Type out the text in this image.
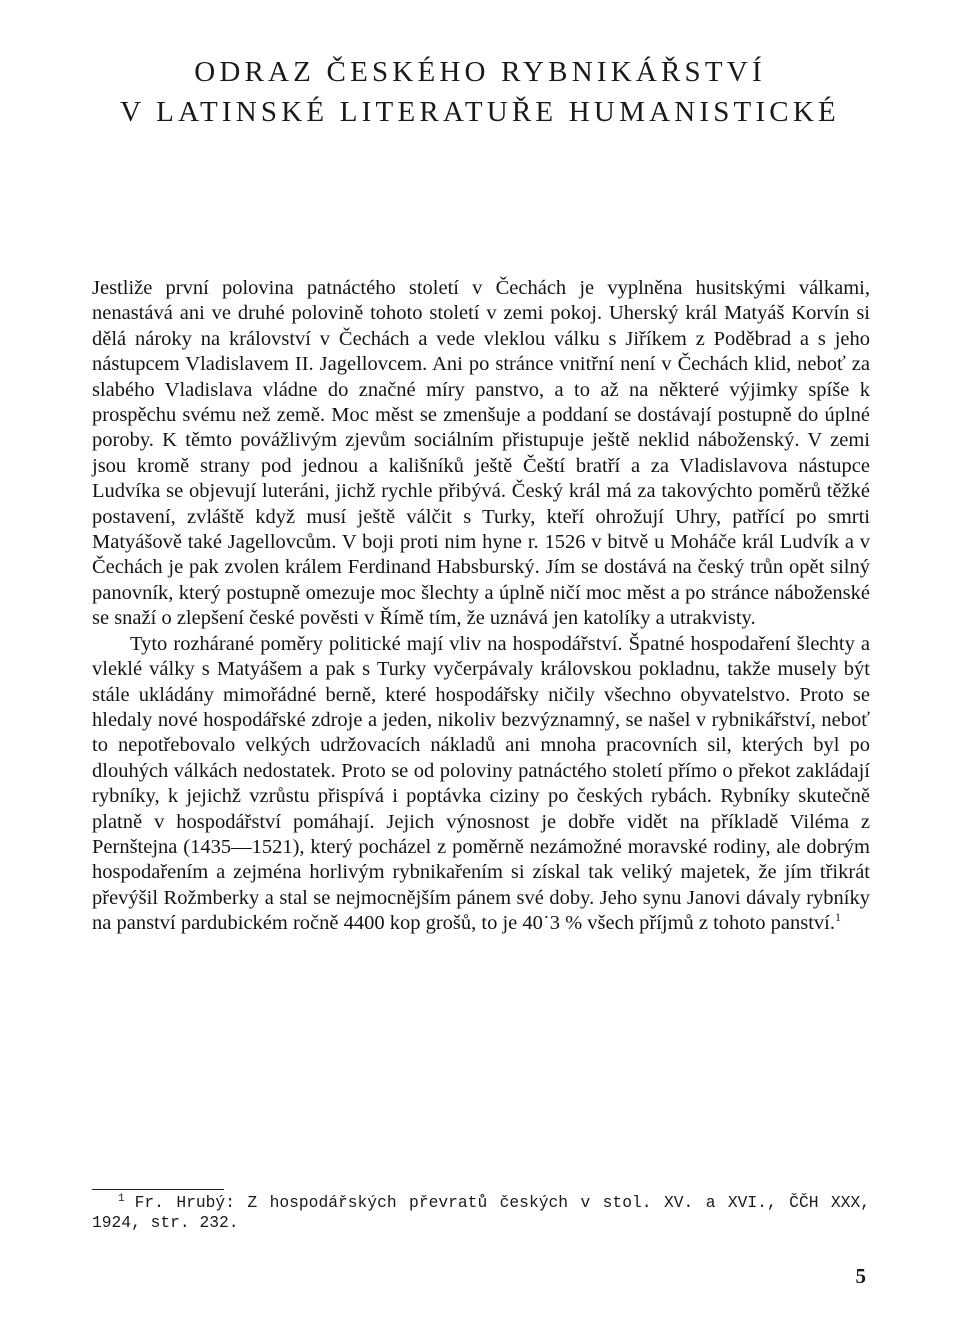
ODRAZ ČESKÉHO RYBNIKÁŘSTVÍ
V LATINSKÉ LITERATUŘE HUMANISTICKÉ

Jestliže první polovina patnáctého století v Čechách je vyplněna husitskými válkami, nenastává ani ve druhé polovině tohoto století v zemi pokoj. Uherský král Matyáš Korvín si dělá nároky na království v Čechách a vede vleklou válku s Jiříkem z Poděbrad a s jeho nástupcem Vladislavem II. Jagellovcem. Ani po stránce vnitřní není v Čechách klid, neboť za slabého Vladislava vládne do značné míry panstvo, a to až na některé výjimky spíše k prospěchu svému než země. Moc měst se zmenšuje a poddaní se dostávají postupně do úplné poroby. K těmto povážlivým zjevům sociálním přistupuje ještě neklid náboženský. V zemi jsou kromě strany pod jednou a kališníků ještě Čeští bratří a za Vladislavova nástupce Ludvíka se objevují luteráni, jichž rychle přibývá. Český král má za takovýchto poměrů těžké postavení, zvláště když musí ještě válčit s Turky, kteří ohrožují Uhry, patřící po smrti Matyášově také Jagellovcům. V boji proti nim hyne r. 1526 v bitvě u Moháče král Ludvík a v Čechách je pak zvolen králem Ferdinand Habsburský. Jím se dostává na český trůn opět silný panovník, který postupně omezuje moc šlechty a úplně ničí moc měst a po stránce náboženské se snaží o zlepšení české pověsti v Římě tím, že uznává jen katolíky a utrakvisty.

Tyto rozhárané poměry politické mají vliv na hospodářství. Špatné hospodaření šlechty a vleklé války s Matyášem a pak s Turky vyčerpávaly královskou pokladnu, takže musely být stále ukládány mimořádné berně, které hospodářsky ničily všechno obyvatelstvo. Proto se hledaly nové hospodářské zdroje a jeden, nikoliv bezvýznamný, se našel v rybnikářství, neboť to nepotřebovalo velkých udržovacích nákladů ani mnoha pracovních sil, kterých byl po dlouhých válkách nedostatek. Proto se od poloviny patnáctého století přímo o překot zakládají rybníky, k jejichž vzrůstu přispívá i poptávka ciziny po českých rybách. Rybníky skutečně platně v hospodářství pomáhají. Jejich výnosnost je dobře vidět na příkladě Viléma z Pernštejna (1435—1521), který pocházel z poměrně nezámožné moravské rodiny, ale dobrým hospodařením a zejména horlivým rybnikařením si získal tak veliký majetek, že jím třikrát převýšil Rožmberky a stal se nejmocnějším pánem své doby. Jeho synu Janovi dávaly rybníky na panství pardubickém ročně 4400 kop grošů, to je 40˙3 % všech příjmů z tohoto panství.$^1$

$^1$ Fr. Hrubý: Z hospodářských převratů českých v stol. XV. a XVI., ČČH XXX, 1924, str. 232.
5
